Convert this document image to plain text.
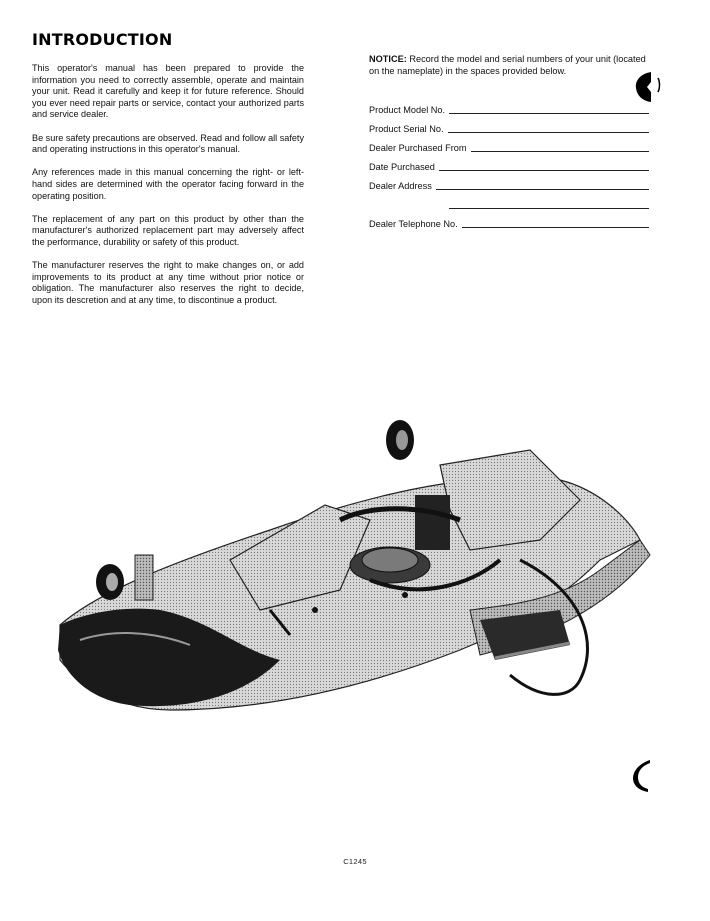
INTRODUCTION

This operator's manual has been prepared to provide the information you need to correctly assemble, operate and maintain your unit. Read it carefully and keep it for future reference. Should you ever need repair parts or service, contact your authorized parts and service dealer.

Be sure safety precautions are observed. Read and follow all safety and operating instructions in this operator's manual.

Any references made in this manual concerning the right- or left-hand sides are determined with the operator facing forward in the operating position.

The replacement of any part on this product by other than the manufacturer's authorized replacement part may adversely affect the performance, durability or safety of this product.

The manufacturer reserves the right to make changes on, or add improvements to its product at any time without prior notice or obligation. The manufacturer also reserves the right to decide, upon its descretion and at any time, to discontinue a product.

NOTICE: Record the model and serial numbers of your unit (located on the nameplate) in the spaces provided below.

Product Model No.
Product Serial No.
Dealer Purchased From
Date Purchased
Dealer Address
Dealer Telephone No.
C1245
